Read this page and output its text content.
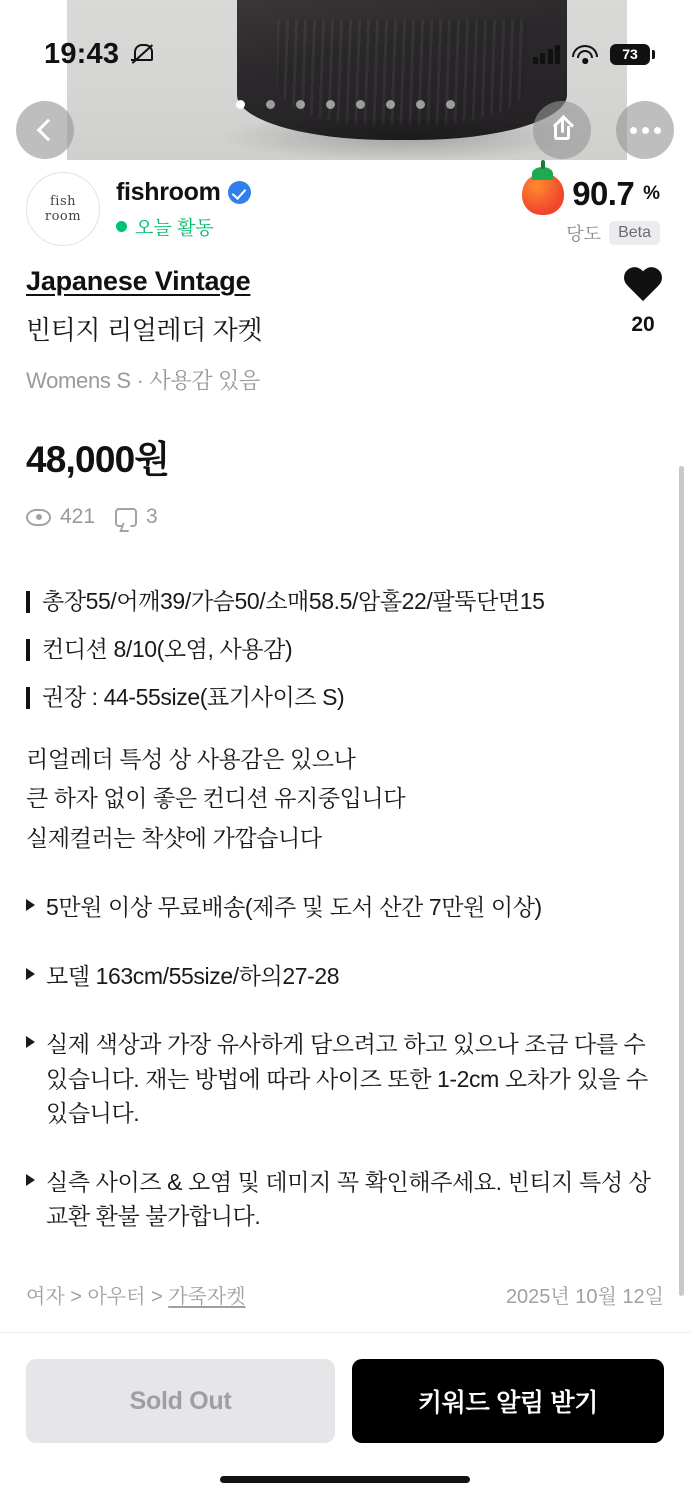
19:43	73
fish
room
fishroom
오늘 활동
90.7 %
당도	Beta
Japanese Vintage
빈티지 리얼레더 자켓
Womens S · 사용감 있음
48,000원
421 3
20
총장55/어깨39/가슴50/소매58.5/암홀22/팔뚝단면15
컨디션 8/10(오염, 사용감)
권장 : 44-55size(표기사이즈 S)
리얼레더 특성 상 사용감은 있으나
큰 하자 없이 좋은 컨디션 유지중입니다
실제컬러는 착샷에 가깝습니다
5만원 이상 무료배송(제주 및 도서 산간 7만원 이상)
모델 163cm/55size/하의27-28
실제 색상과 가장 유사하게 담으려고 하고 있으나 조금 다를 수 있습니다. 재는 방법에 따라 사이즈 또한 1-2cm 오차가 있을 수 있습니다.
실측 사이즈 & 오염 및 데미지 꼭 확인해주세요. 빈티지 특성 상 교환 환불 불가합니다.
여자 > 아우터 > 가죽자켓	2025년 10월 12일
Sold Out	키워드 알림 받기
